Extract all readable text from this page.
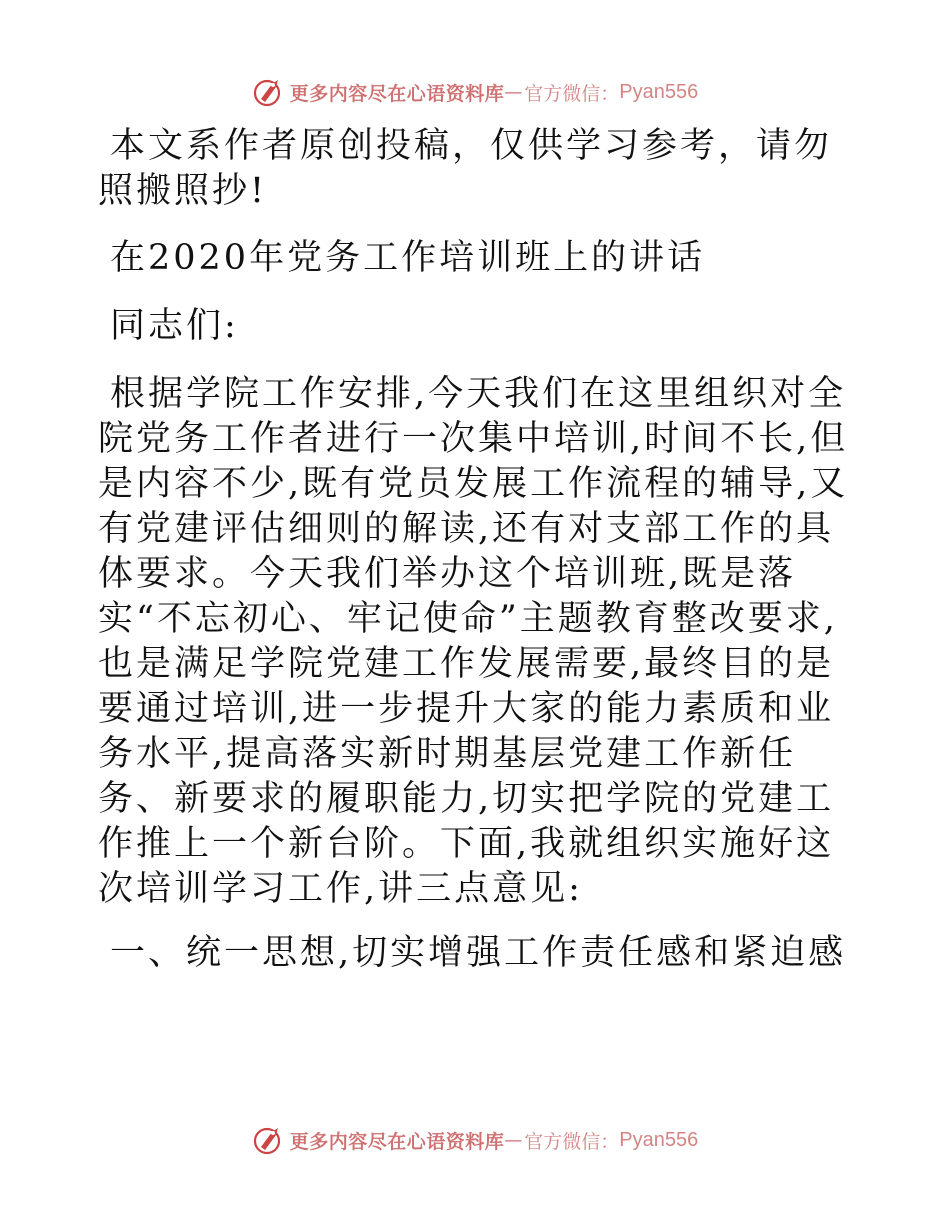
更多内容尽在心语资料库 — 官方微信： Pyan556

本文系作者原创投稿，仅供学习参考，请勿照搬照抄!

在2020年党务工作培训班上的讲话

同志们:

根据学院工作安排,今天我们在这里组织对全院党务工作者进行一次集中培训,时间不长,但是内容不少,既有党员发展工作流程的辅导,又有党建评估细则的解读,还有对支部工作的具体要求。今天我们举办这个培训班,既是落实“不忘初心、牢记使命”主题教育整改要求,也是满足学院党建工作发展需要,最终目的是要通过培训,进一步提升大家的能力素质和业务水平,提高落实新时期基层党建工作新任务、新要求的履职能力,切实把学院的党建工作推上一个新台阶。下面,我就组织实施好这次培训学习工作,讲三点意见:

一、统一思想,切实增强工作责任感和紧迫感

更多内容尽在心语资料库 — 官方微信： Pyan556
